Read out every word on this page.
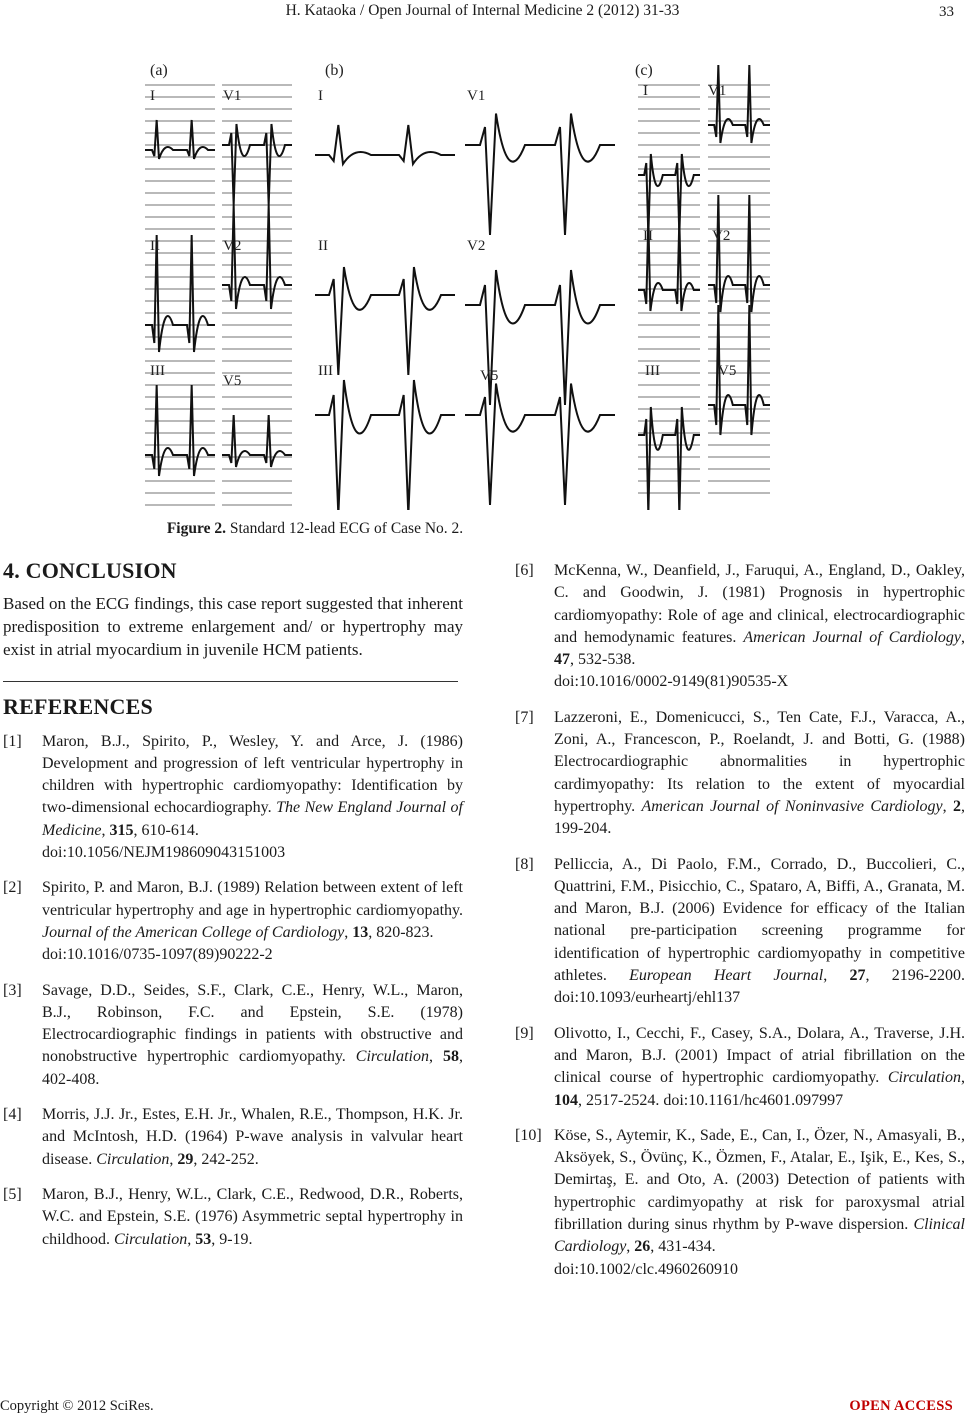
H. Kataoka / Open Journal of Internal Medicine 2 (2012) 31-33	33
(a)	(b)	(c)
I	V1
II	V2
III
V5
I	V1
II	V2
III	V5
I	V1
II	V2
III	V5
Figure 2. Standard 12-lead ECG of Case No. 2.
4. CONCLUSION

Based on the ECG findings, this case report suggested that inherent predisposition to extreme enlargement and/ or hypertrophy may exist in atrial myocardium in juvenile HCM patients.

REFERENCES
[1]	Maron, B.J., Spirito, P., Wesley, Y. and Arce, J. (1986) Development and progression of left ventricular hypertrophy in children with hypertrophic cardiomyopathy: Identification by two-dimensional echocardiography. The New England Journal of Medicine, 315, 610-614.
doi:10.1056/NEJM198609043151003
[2]	Spirito, P. and Maron, B.J. (1989) Relation between extent of left ventricular hypertrophy and age in hypertrophic cardiomyopathy. Journal of the American College of Cardiology, 13, 820-823.
doi:10.1016/0735-1097(89)90222-2
[3]	Savage, D.D., Seides, S.F., Clark, C.E., Henry, W.L., Maron, B.J., Robinson, F.C. and Epstein, S.E. (1978) Electrocardiographic findings in patients with obstructive and nonobstructive hypertrophic cardiomyopathy. Circulation, 58, 402-408.
[4]	Morris, J.J. Jr., Estes, E.H. Jr., Whalen, R.E., Thompson, H.K. Jr. and McIntosh, H.D. (1964) P-wave analysis in valvular heart disease. Circulation, 29, 242-252.
[5]	Maron, B.J., Henry, W.L., Clark, C.E., Redwood, D.R., Roberts, W.C. and Epstein, S.E. (1976) Asymmetric septal hypertrophy in childhood. Circulation, 53, 9-19.
[6]	McKenna, W., Deanfield, J., Faruqui, A., England, D., Oakley, C. and Goodwin, J. (1981) Prognosis in hypertrophic cardiomyopathy: Role of age and clinical, electrocardiographic and hemodynamic features. American Journal of Cardiology, 47, 532-538.
doi:10.1016/0002-9149(81)90535-X
[7]	Lazzeroni, E., Domenicucci, S., Ten Cate, F.J., Varacca, A., Zoni, A., Francescon, P., Roelandt, J. and Botti, G. (1988) Electrocardiographic abnormalities in hypertrophic cardimyopathy: Its relation to the extent of myocardial hypertrophy. American Journal of Noninvasive Cardiology, 2, 199-204.
[8]	Pelliccia, A., Di Paolo, F.M., Corrado, D., Buccolieri, C., Quattrini, F.M., Pisicchio, C., Spataro, A, Biffi, A., Granata, M. and Maron, B.J. (2006) Evidence for efficacy of the Italian national pre-participation screening programme for identification of hypertrophic cardiomyopathy in competitive athletes. European Heart Journal, 27, 2196-2200. doi:10.1093/eurheartj/ehl137
[9]	Olivotto, I., Cecchi, F., Casey, S.A., Dolara, A., Traverse, J.H. and Maron, B.J. (2001) Impact of atrial fibrillation on the clinical course of hypertrophic cardiomyopathy. Circulation, 104, 2517-2524. doi:10.1161/hc4601.097997
[10] Köse, S., Aytemir, K., Sade, E., Can, I., Özer, N., Amasyali, B., Aksöyek, S., Övünç, K., Özmen, F., Atalar, E., Işik, E., Kes, S., Demirtaş, E. and Oto, A. (2003) Detection of patients with hypertrophic cardimyopathy at risk for paroxysmal atrial fibrillation during sinus rhythm by P-wave dispersion. Clinical Cardiology, 26, 431-434.
doi:10.1002/clc.4960260910
Copyright © 2012 SciRes.	OPEN ACCESS
